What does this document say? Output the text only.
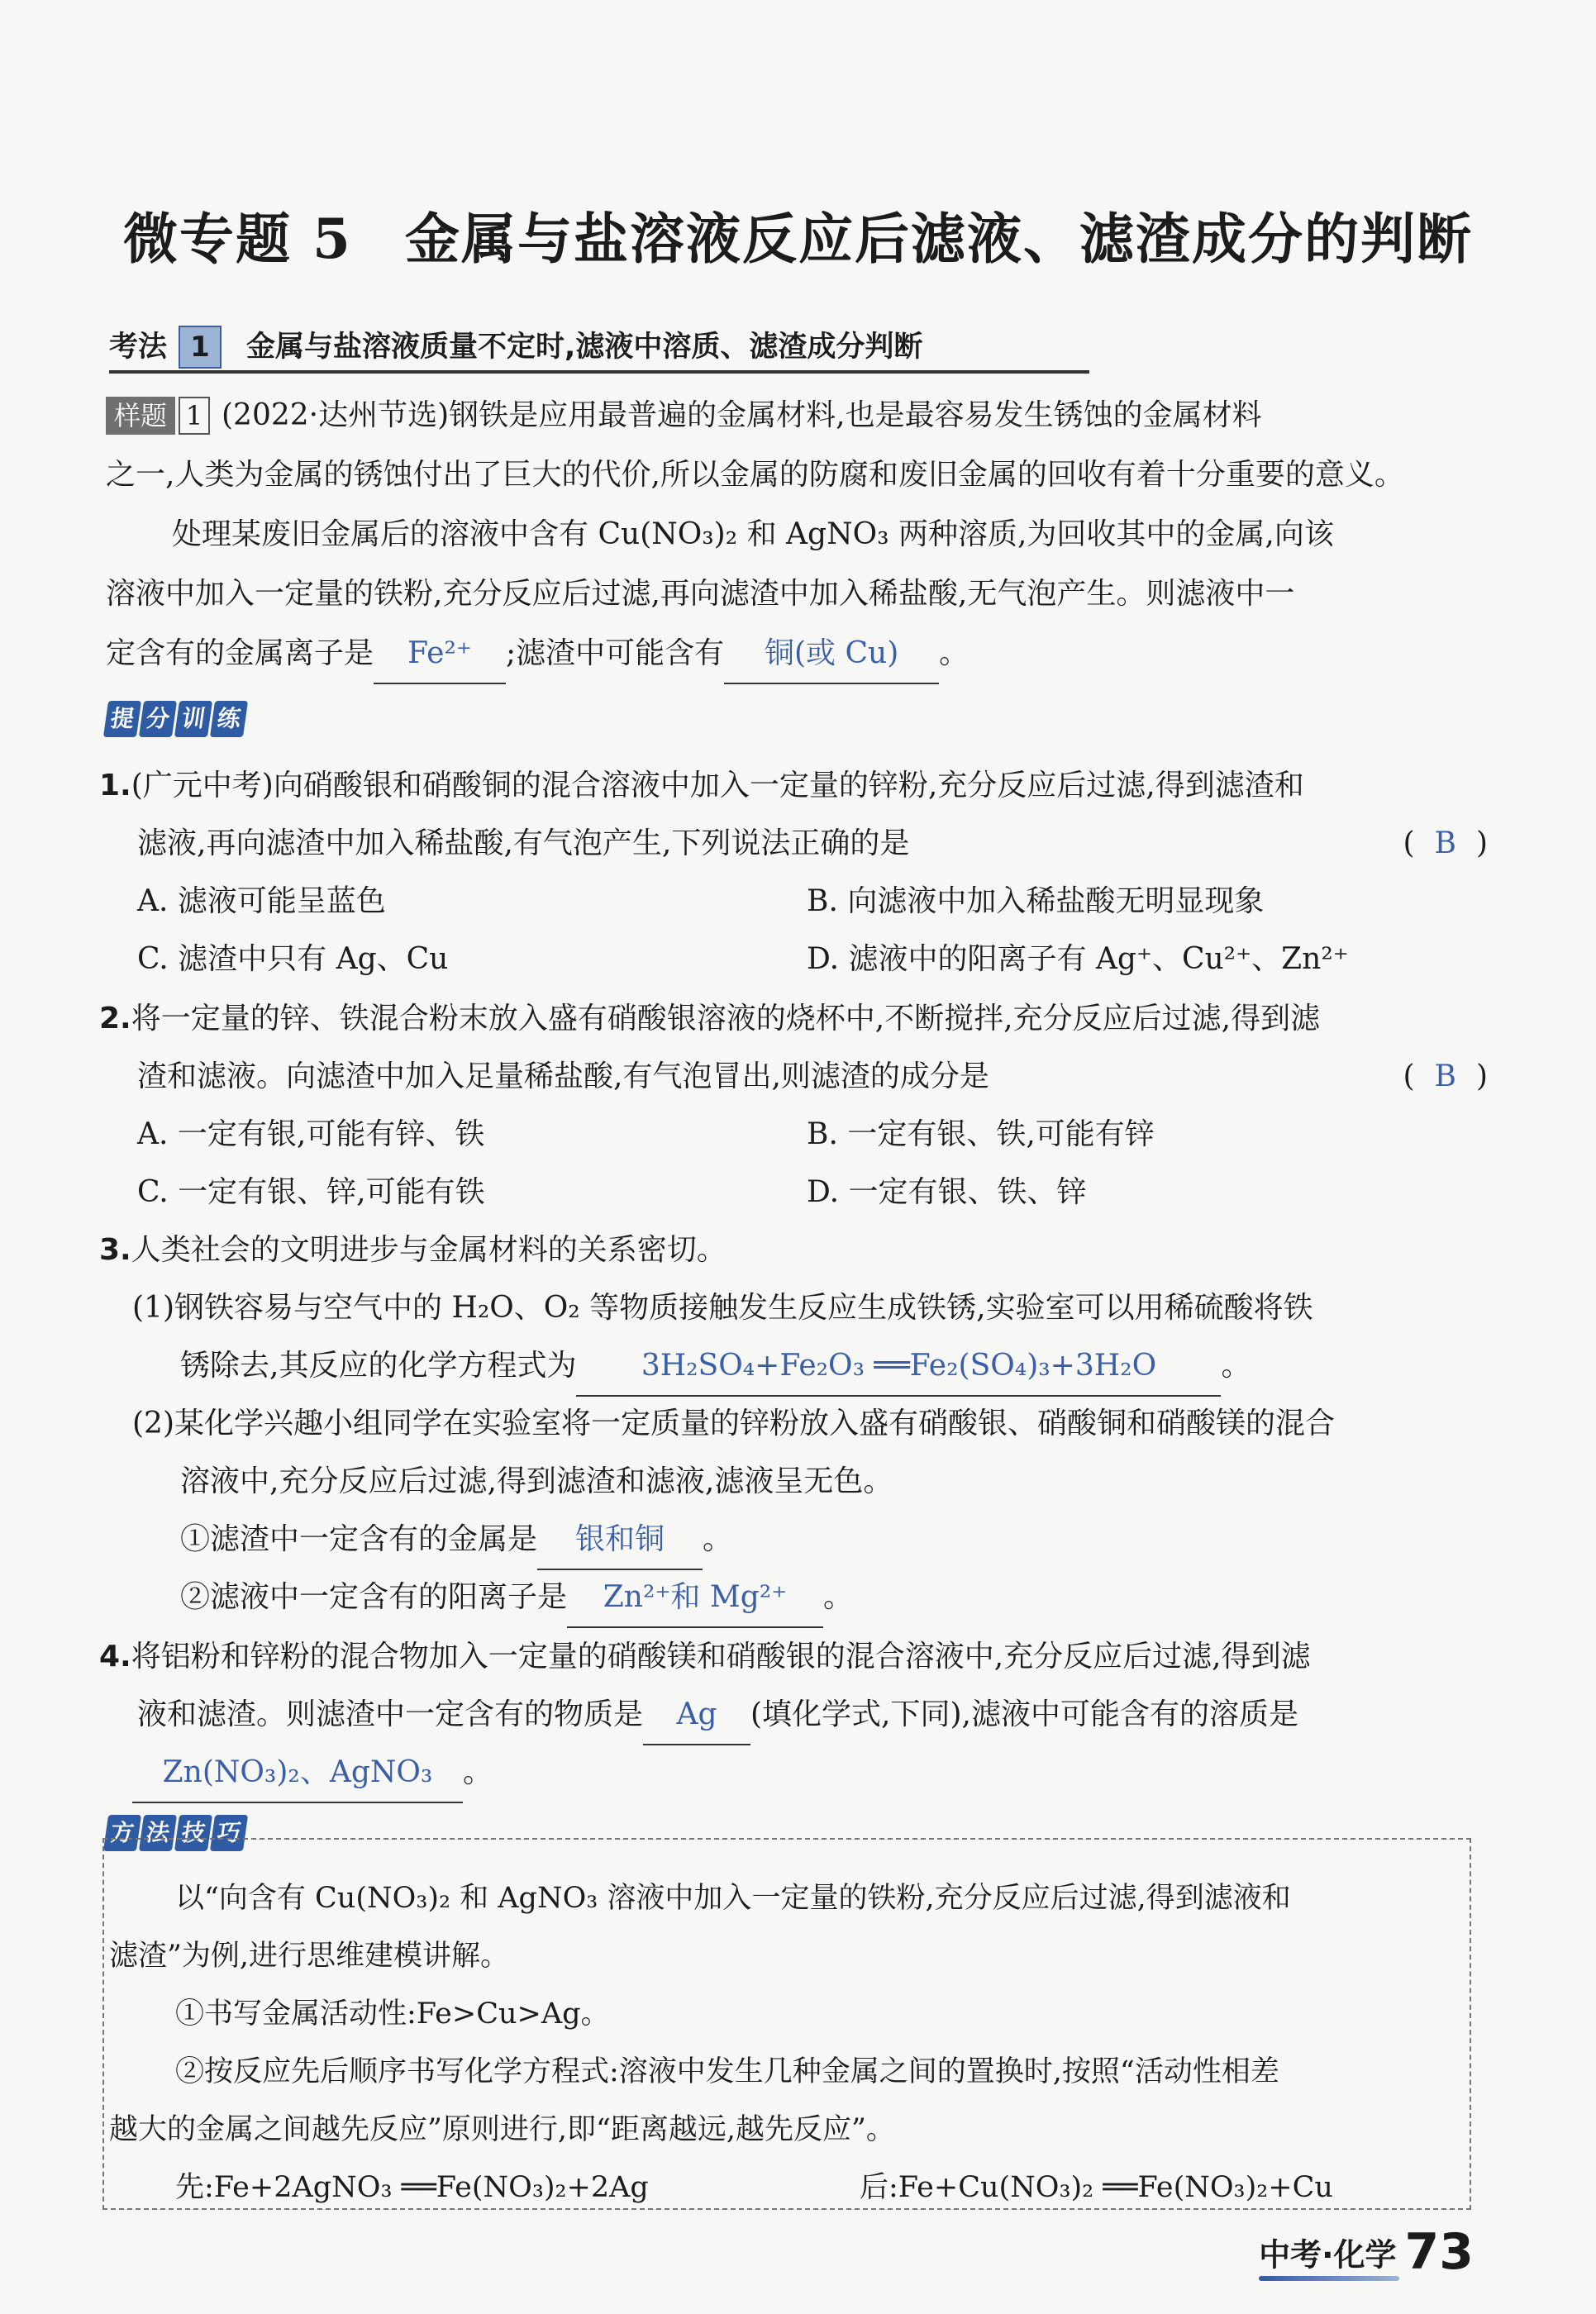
微专题 5 金属与盐溶液反应后滤液、滤渣成分的判断
考法 1 金属与盐溶液质量不定时,滤液中溶质、滤渣成分判断
样题 1 (2022·达州节选)钢铁是应用最普遍的金属材料,也是最容易发生锈蚀的金属材料
之一,人类为金属的锈蚀付出了巨大的代价,所以金属的防腐和废旧金属的回收有着十分重要的意义。
处理某废旧金属后的溶液中含有 Cu(NO₃)₂ 和 AgNO₃ 两种溶质,为回收其中的金属,向该
溶液中加入一定量的铁粉,充分反应后过滤,再向滤渣中加入稀盐酸,无气泡产生。则滤液中一
定含有的金属离子是 Fe²⁺ ;滤渣中可能含有 铜(或 Cu) 。
提 分 训 练
1.(广元中考)向硝酸银和硝酸铜的混合溶液中加入一定量的锌粉,充分反应后过滤,得到滤渣和
滤液,再向滤渣中加入稀盐酸,有气泡产生,下列说法正确的是	( B )
A. 滤液可能呈蓝色	B. 向滤液中加入稀盐酸无明显现象
C. 滤渣中只有 Ag、Cu	D. 滤液中的阳离子有 Ag⁺、Cu²⁺、Zn²⁺
2.将一定量的锌、铁混合粉末放入盛有硝酸银溶液的烧杯中,不断搅拌,充分反应后过滤,得到滤
渣和滤液。向滤渣中加入足量稀盐酸,有气泡冒出,则滤渣的成分是	( B )
A. 一定有银,可能有锌、铁	B. 一定有银、铁,可能有锌
C. 一定有银、锌,可能有铁	D. 一定有银、铁、锌
3.人类社会的文明进步与金属材料的关系密切。
(1)钢铁容易与空气中的 H₂O、O₂ 等物质接触发生反应生成铁锈,实验室可以用稀硫酸将铁
锈除去,其反应的化学方程式为 3H₂SO₄+Fe₂O₃ ══Fe₂(SO₄)₃+3H₂O 。
(2)某化学兴趣小组同学在实验室将一定质量的锌粉放入盛有硝酸银、硝酸铜和硝酸镁的混合
溶液中,充分反应后过滤,得到滤渣和滤液,滤液呈无色。
①滤渣中一定含有的金属是 银和铜 。
②滤液中一定含有的阳离子是 Zn²⁺和 Mg²⁺ 。
4.将铝粉和锌粉的混合物加入一定量的硝酸镁和硝酸银的混合溶液中,充分反应后过滤,得到滤
液和滤渣。则滤渣中一定含有的物质是 Ag (填化学式,下同),滤液中可能含有的溶质是
Zn(NO₃)₂、AgNO₃ 。
方 法 技 巧
以“向含有 Cu(NO₃)₂ 和 AgNO₃ 溶液中加入一定量的铁粉,充分反应后过滤,得到滤液和
滤渣”为例,进行思维建模讲解。
①书写金属活动性:Fe>Cu>Ag。
②按反应先后顺序书写化学方程式:溶液中发生几种金属之间的置换时,按照“活动性相差
越大的金属之间越先反应”原则进行,即“距离越远,越先反应”。
先:Fe+2AgNO₃ ══Fe(NO₃)₂+2Ag	后:Fe+Cu(NO₃)₂ ══Fe(NO₃)₂+Cu
中考·化学 73
